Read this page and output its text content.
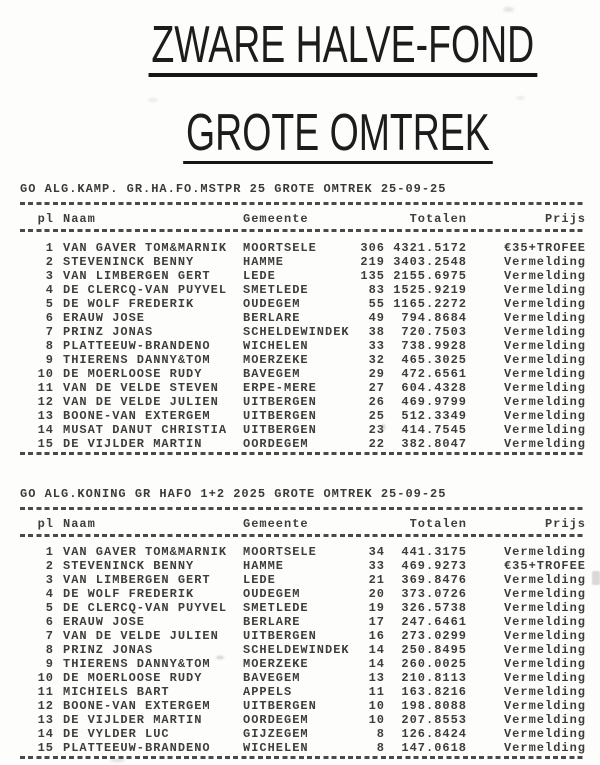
ZWARE HALVE-FOND
GROTE OMTREK
GO ALG.KAMP. GR.HA.FO.MSTPR 25 GROTE OMTREK 25-09-25
pl Naam	Gemeente	Totalen	Prijs
1 VAN GAVER TOM&MARNIK	MOORTSELE	306 4321.5172	€35+TROFEE
2 STEVENINCK BENNY	HAMME	219 3403.2548	Vermelding
3 VAN LIMBERGEN GERT	LEDE	135 2155.6975	Vermelding
4 DE CLERCQ-VAN PUYVEL	SMETLEDE	83 1525.9219	Vermelding
5 DE WOLF FREDERIK	OUDEGEM	55 1165.2272	Vermelding
6 ERAUW JOSE	BERLARE	49	794.8684	Vermelding
7 PRINZ JONAS	SCHELDEWINDEK	38	720.7503	Vermelding
8 PLATTEEUW-BRANDENO	WICHELEN	33	738.9928	Vermelding
9 THIERENS DANNY&TOM	MOERZEKE	32	465.3025	Vermelding
10 DE MOERLOOSE RUDY	BAVEGEM	29	472.6561	Vermelding
11 VAN DE VELDE STEVEN	ERPE-MERE	27	604.4328	Vermelding
12 VAN DE VELDE JULIEN	UITBERGEN	26	469.9799	Vermelding
13 BOONE-VAN EXTERGEM	UITBERGEN	25	512.3349	Vermelding
14 MUSAT DANUT CHRISTIA	UITBERGEN	23	414.7545	Vermelding
15 DE VIJLDER MARTIN	OORDEGEM	22	382.8047	Vermelding
GO ALG.KONING GR HAFO 1+2 2025 GROTE OMTREK 25-09-25
pl Naam	Gemeente	Totalen	Prijs
1 VAN GAVER TOM&MARNIK	MOORTSELE	34	441.3175	Vermelding
2 STEVENINCK BENNY	HAMME	33	469.9273	€35+TROFEE
3 VAN LIMBERGEN GERT	LEDE	21	369.8476	Vermelding
4 DE WOLF FREDERIK	OUDEGEM	20	373.0726	Vermelding
5 DE CLERCQ-VAN PUYVEL	SMETLEDE	19	326.5738	Vermelding
6 ERAUW JOSE	BERLARE	17	247.6461	Vermelding
7 VAN DE VELDE JULIEN	UITBERGEN	16	273.0299	Vermelding
8 PRINZ JONAS	SCHELDEWINDEK	14	250.8495	Vermelding
9 THIERENS DANNY&TOM	MOERZEKE	14	260.0025	Vermelding
10 DE MOERLOOSE RUDY	BAVEGEM	13	210.8113	Vermelding
11 MICHIELS BART	APPELS	11	163.8216	Vermelding
12 BOONE-VAN EXTERGEM	UITBERGEN	10	198.8088	Vermelding
13 DE VIJLDER MARTIN	OORDEGEM	10	207.8553	Vermelding
14 DE VYLDER LUC	GIJZEGEM	8	126.8424	Vermelding
15 PLATTEEUW-BRANDENO	WICHELEN	8	147.0618	Vermelding
